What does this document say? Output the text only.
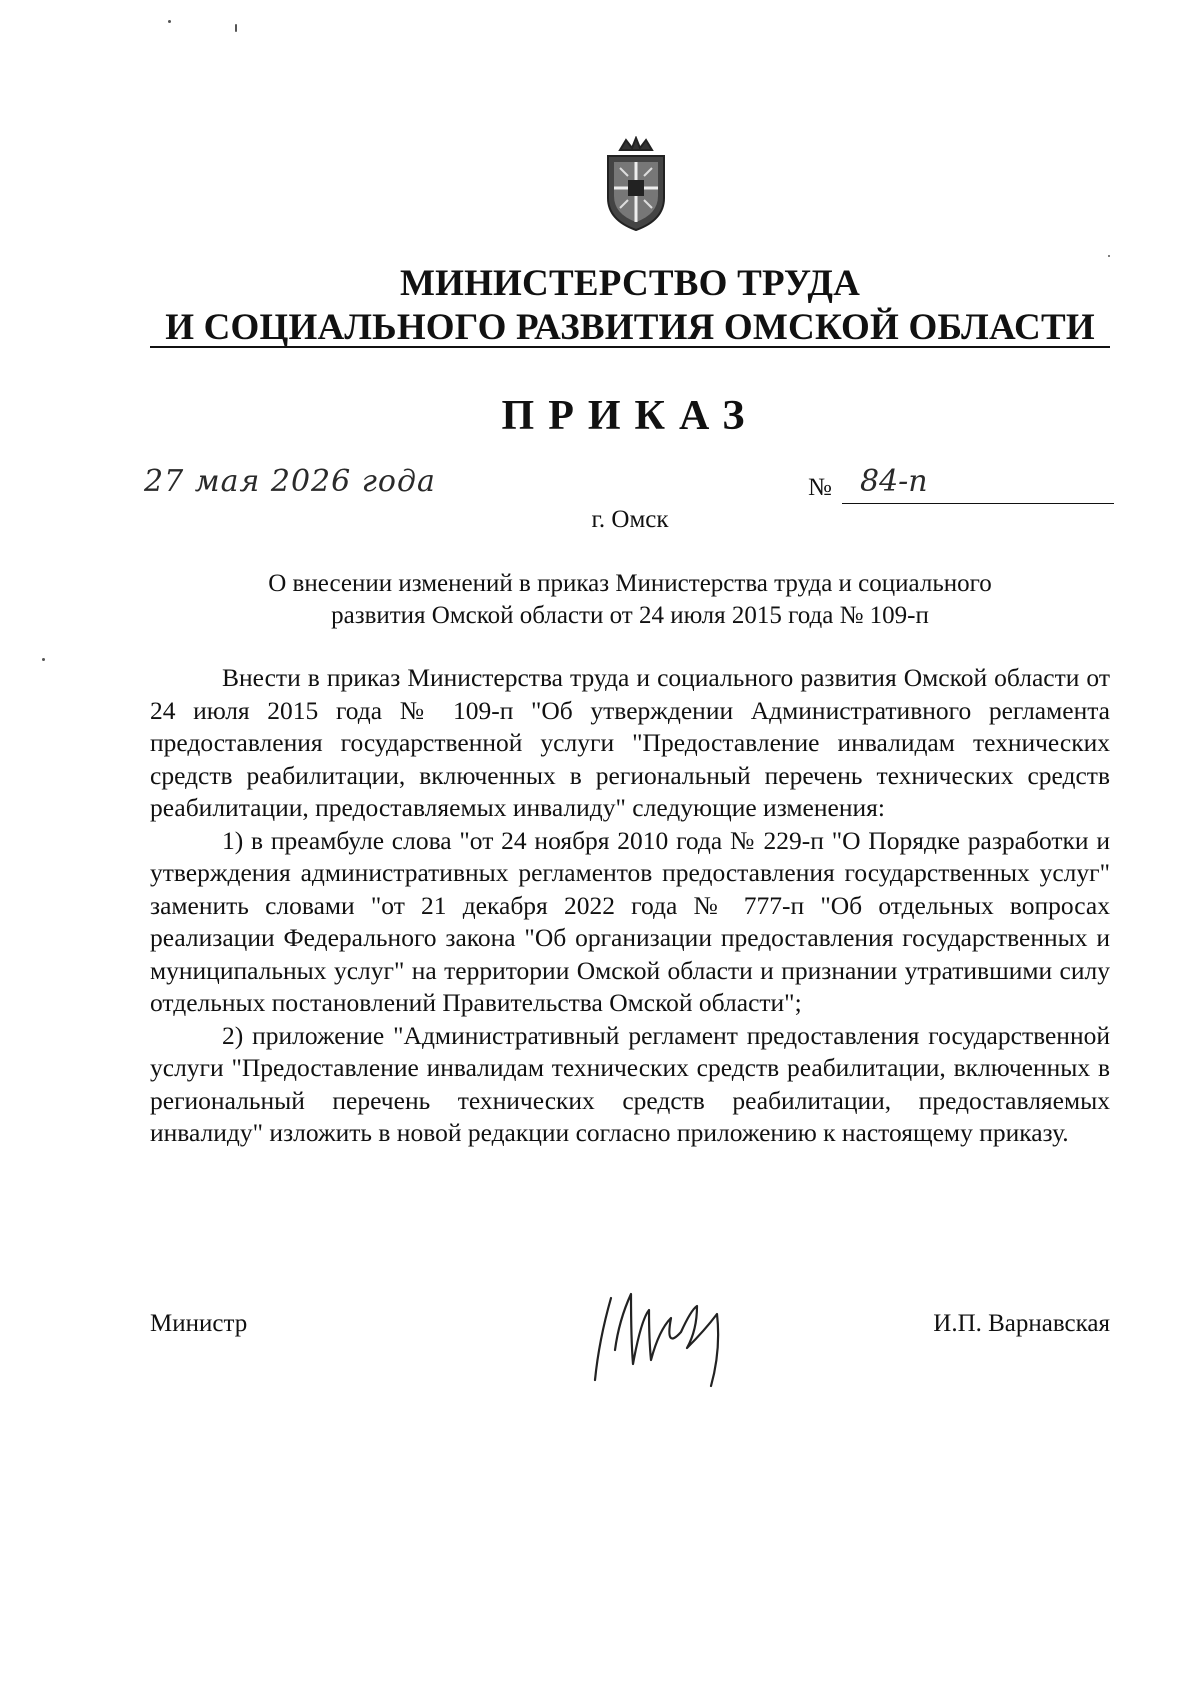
МИНИСТЕРСТВО ТРУДА
И СОЦИАЛЬНОГО РАЗВИТИЯ ОМСКОЙ ОБЛАСТИ
ПРИКАЗ
27 мая 2026 года	№ 84-п
г. Омск
О внесении изменений в приказ Министерства труда и социального
развития Омской области от 24 июля 2015 года № 109-п

Внести в приказ Министерства труда и социального развития Омской области от 24 июля 2015 года № 109-п "Об утверждении Административного регламента предоставления государственной услуги "Предоставление инвалидам технических средств реабилитации, включенных в региональный перечень технических средств реабилитации, предоставляемых инвалиду" следующие изменения:

1) в преамбуле слова "от 24 ноября 2010 года № 229-п "О Порядке разработки и утверждения административных регламентов предоставления государственных услуг" заменить словами "от 21 декабря 2022 года № 777-п "Об отдельных вопросах реализации Федерального закона "Об организации предоставления государственных и муниципальных услуг" на территории Омской области и признании утратившими силу отдельных постановлений Правительства Омской области";

2) приложение "Административный регламент предоставления государственной услуги "Предоставление инвалидам технических средств реабилитации, включенных в региональный перечень технических средств реабилитации, предоставляемых инвалиду" изложить в новой редакции согласно приложению к настоящему приказу.

Министр	И.П. Варнавская
